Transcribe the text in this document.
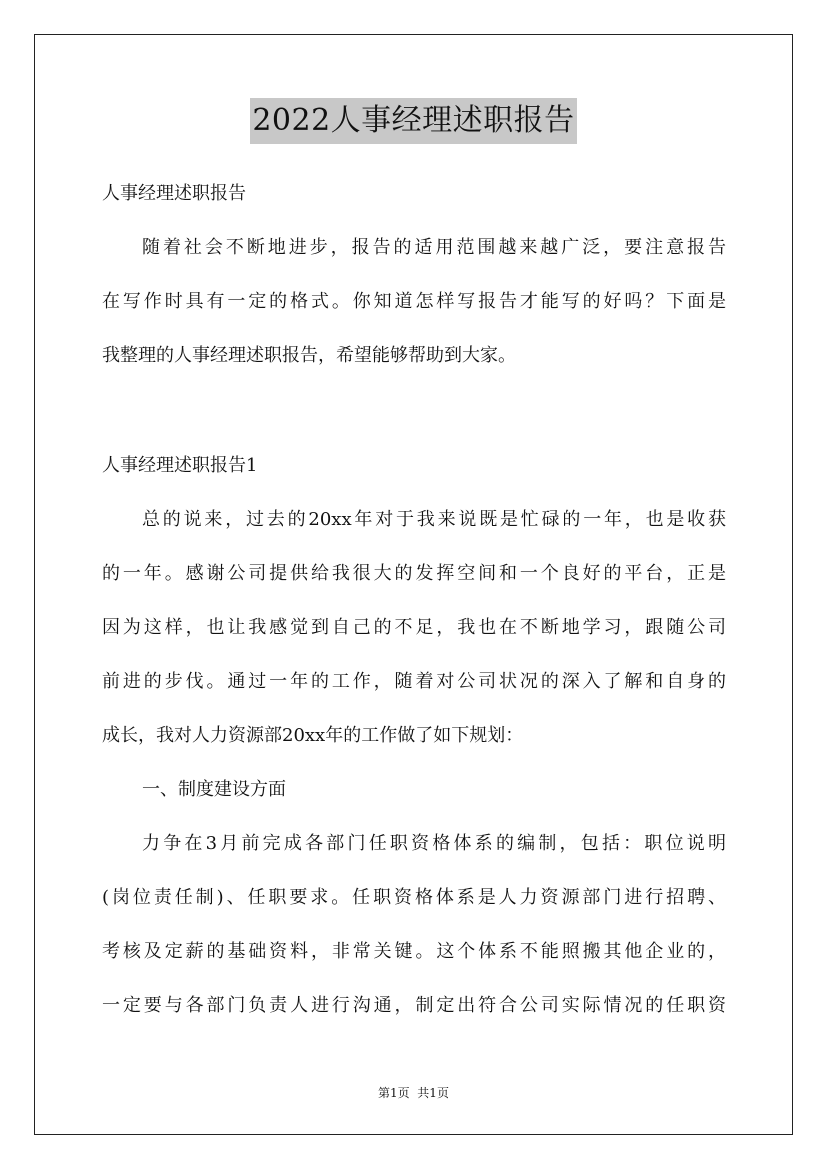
2022人事经理述职报告
人事经理述职报告
随着社会不断地进步，报告的适用范围越来越广泛，要注意报告
在写作时具有一定的格式。你知道怎样写报告才能写的好吗？下面是
我整理的人事经理述职报告，希望能够帮助到大家。
人事经理述职报告1
总的说来，过去的20xx年对于我来说既是忙碌的一年，也是收获
的一年。感谢公司提供给我很大的发挥空间和一个良好的平台，正是
因为这样，也让我感觉到自己的不足，我也在不断地学习，跟随公司
前进的步伐。通过一年的工作，随着对公司状况的深入了解和自身的
成长，我对人力资源部20xx年的工作做了如下规划：
一、制度建设方面
力争在3月前完成各部门任职资格体系的编制，包括：职位说明
(岗位责任制)、任职要求。任职资格体系是人力资源部门进行招聘、
考核及定薪的基础资料，非常关键。这个体系不能照搬其他企业的，
一定要与各部门负责人进行沟通，制定出符合公司实际情况的任职资
第1页  共1页
